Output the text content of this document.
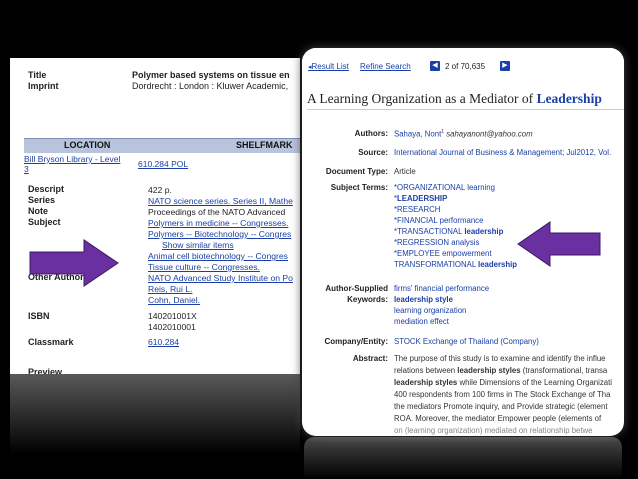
Title	Polymer based systems on tissue en
Imprint	Dordrecht : London : Kluwer Academic,
LOCATION	SHELFMARK
Bill Bryson Library - Level
3	610.284 POL
Descript	422 p.
Series	NATO science series. Series II, Mathe
Note	Proceedings of the NATO Advanced
Subject	Polymers in medicine -- Congresses.
Polymers -- Biotechnology -- Congres
Show similar items
Animal cell biotechnology -- Congres
Tissue culture -- Congresses.
Other Author	NATO Advanced Study Institute on Po
Reis, Rui L.
Cohn, Daniel.
ISBN	140201001X
1402010001
Classmark	610.284
Preview
◂Result List Refine Search	◀ 2 of 70,635	▶
A Learning Organization as a Mediator of Leadership
Authors: Sahaya, Nont$^1$ sahayanont@yahoo.com
Source: International Journal of Business & Management; Jul2012, Vol.
Document Type: Article
Subject Terms: *ORGANIZATIONAL learning
*LEADERSHIP
*RESEARCH
*FINANCIAL performance
*TRANSACTIONAL leadership
*REGRESSION analysis
*EMPLOYEE empowerment
TRANSFORMATIONAL leadership
Author-Supplied
Keywords:
firms' financial performance
leadership style
learning organization
mediation effect
Company/Entity: STOCK Exchange of Thailand (Company)
Abstract: The purpose of this study is to examine and identify the influe
relations between leadership styles (transformational, transa
leadership styles while Dimensions of the Learning Organizati
400 respondents from 100 firms in The Stock Exchange of Tha
the mediators Promote inquiry, and Provide strategic (element
ROA. Moreover, the mediator Empower people (elements of
on (learning organization) mediated on relationship betwe
